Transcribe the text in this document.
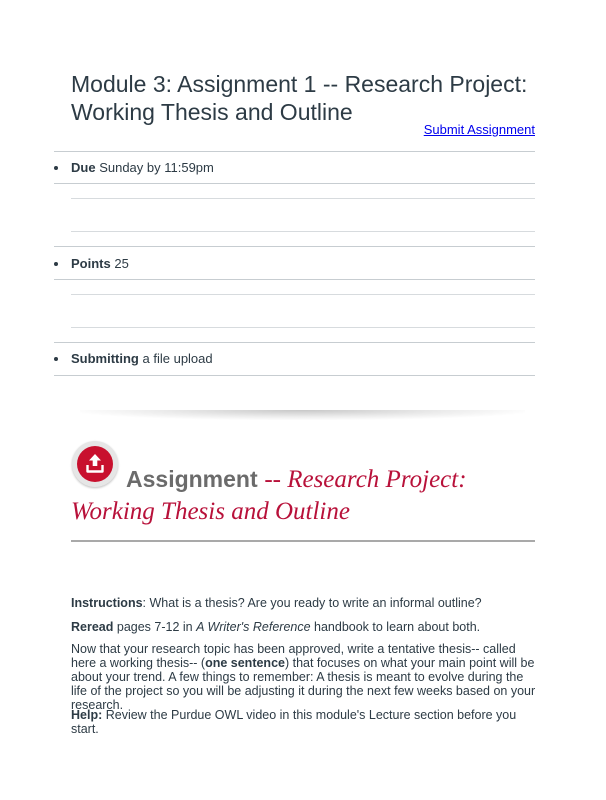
Module 3: Assignment 1 -- Research Project: Working Thesis and Outline
Submit Assignment
Due Sunday by 11:59pm
Points 25
Submitting a file upload
Assignment -- Research Project: Working Thesis and Outline

Instructions: What is a thesis? Are you ready to write an informal outline?

Reread pages 7-12 in A Writer's Reference handbook to learn about both.

Now that your research topic has been approved, write a tentative thesis-- called here a working thesis-- (one sentence) that focuses on what your main point will be about your trend. A few things to remember: A thesis is meant to evolve during the life of the project so you will be adjusting it during the next few weeks based on your research.

Help: Review the Purdue OWL video in this module's Lecture section before you start.
